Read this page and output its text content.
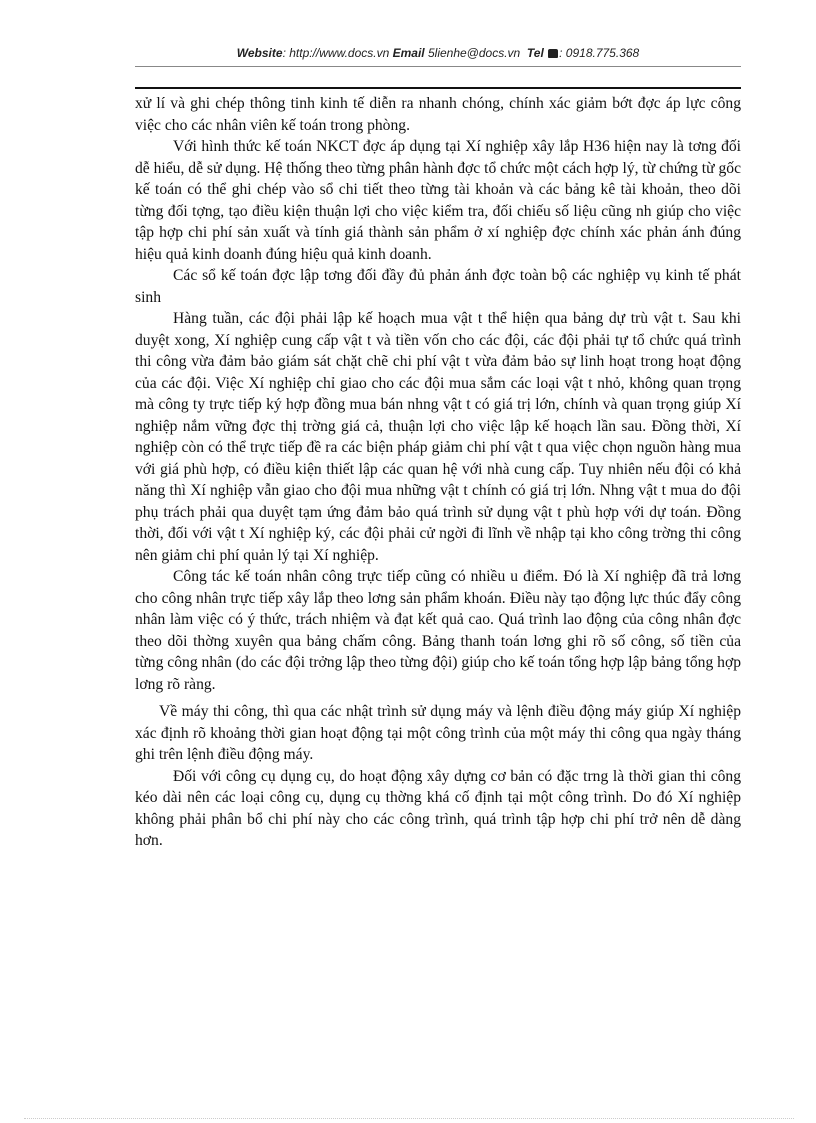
Website: http://www.docs.vn Email 5lienhe@docs.vn Tel : 0918.775.368

xử lí và ghi chép thông tinh kinh tế diễn ra nhanh chóng, chính xác giảm bớt đợc áp lực công việc cho các nhân viên kế toán trong phòng.

Với hình thức kế toán NKCT đợc áp dụng tại Xí nghiệp xây lắp H36 hiện nay là tơng đối dễ hiểu, dễ sử dụng. Hệ thống theo từng phân hành đợc tổ chức một cách hợp lý, từ chứng từ gốc kế toán có thể ghi chép vào sổ chi tiết theo từng tài khoản và các bảng kê tài khoản, theo dõi từng đối tợng, tạo điều kiện thuận lợi cho việc kiểm tra, đối chiếu số liệu cũng nh giúp cho việc tập hợp chi phí sản xuất và tính giá thành sản phẩm ở xí nghiệp đợc chính xác phản ánh đúng hiệu quả kinh doanh đúng hiệu quả kinh doanh.

Các sổ kế toán đợc lập tơng đối đầy đủ phản ánh đợc toàn bộ các nghiệp vụ kinh tế phát sinh

Hàng tuần, các đội phải lập kế hoạch mua vật t thể hiện qua bảng dự trù vật t. Sau khi duyệt xong, Xí nghiệp cung cấp vật t và tiền vốn cho các đội, các đội phải tự tổ chức quá trình thi công vừa đảm bảo giám sát chặt chẽ chi phí vật t vừa đảm bảo sự linh hoạt trong hoạt động của các đội. Việc Xí nghiệp chỉ giao cho các đội mua sắm các loại vật t nhỏ, không quan trọng mà công ty trực tiếp ký hợp đồng mua bán nhng vật t có giá trị lớn, chính và quan trọng giúp Xí nghiệp nắm vững đợc thị trờng giá cả, thuận lợi cho việc lập kế hoạch lần sau. Đồng thời, Xí nghiệp còn có thể trực tiếp đề ra các biện pháp giảm chi phí vật t qua việc chọn nguồn hàng mua với giá phù hợp, có điều kiện thiết lập các quan hệ với nhà cung cấp. Tuy nhiên nếu đội có khả năng thì Xí nghiệp vẫn giao cho đội mua những vật t chính có giá trị lớn. Nhng vật t mua do đội phụ trách phải qua duyệt tạm ứng đảm bảo quá trình sử dụng vật t phù hợp với dự toán. Đồng thời, đối với vật t Xí nghiệp ký, các đội phải cử ngời đi lĩnh về nhập tại kho công trờng thi công nên giảm chi phí quản lý tại Xí nghiệp.

Công tác kế toán nhân công trực tiếp cũng có nhiều u điểm. Đó là Xí nghiệp đã trả lơng cho công nhân trực tiếp xây lắp theo lơng sản phẩm khoán. Điều này tạo động lực thúc đẩy công nhân làm việc có ý thức, trách nhiệm và đạt kết quả cao. Quá trình lao động của công nhân đợc theo dõi thờng xuyên qua bảng chấm công. Bảng thanh toán lơng ghi rõ số công, số tiền của từng công nhân (do các đội trởng lập theo từng đội) giúp cho kế toán tổng hợp lập bảng tổng hợp lơng rõ ràng.

Về máy thi công, thì qua các nhật trình sử dụng máy và lệnh điều động máy giúp Xí nghiệp xác định rõ khoảng thời gian hoạt động tại một công trình của một máy thi công qua ngày tháng ghi trên lệnh điều động máy.

Đối với công cụ dụng cụ, do hoạt động xây dựng cơ bản có đặc trng là thời gian thi công kéo dài nên các loại công cụ, dụng cụ thờng khá cố định tại một công trình. Do đó Xí nghiệp không phải phân bổ chi phí này cho các công trình, quá trình tập hợp chi phí trở nên dễ dàng hơn.
